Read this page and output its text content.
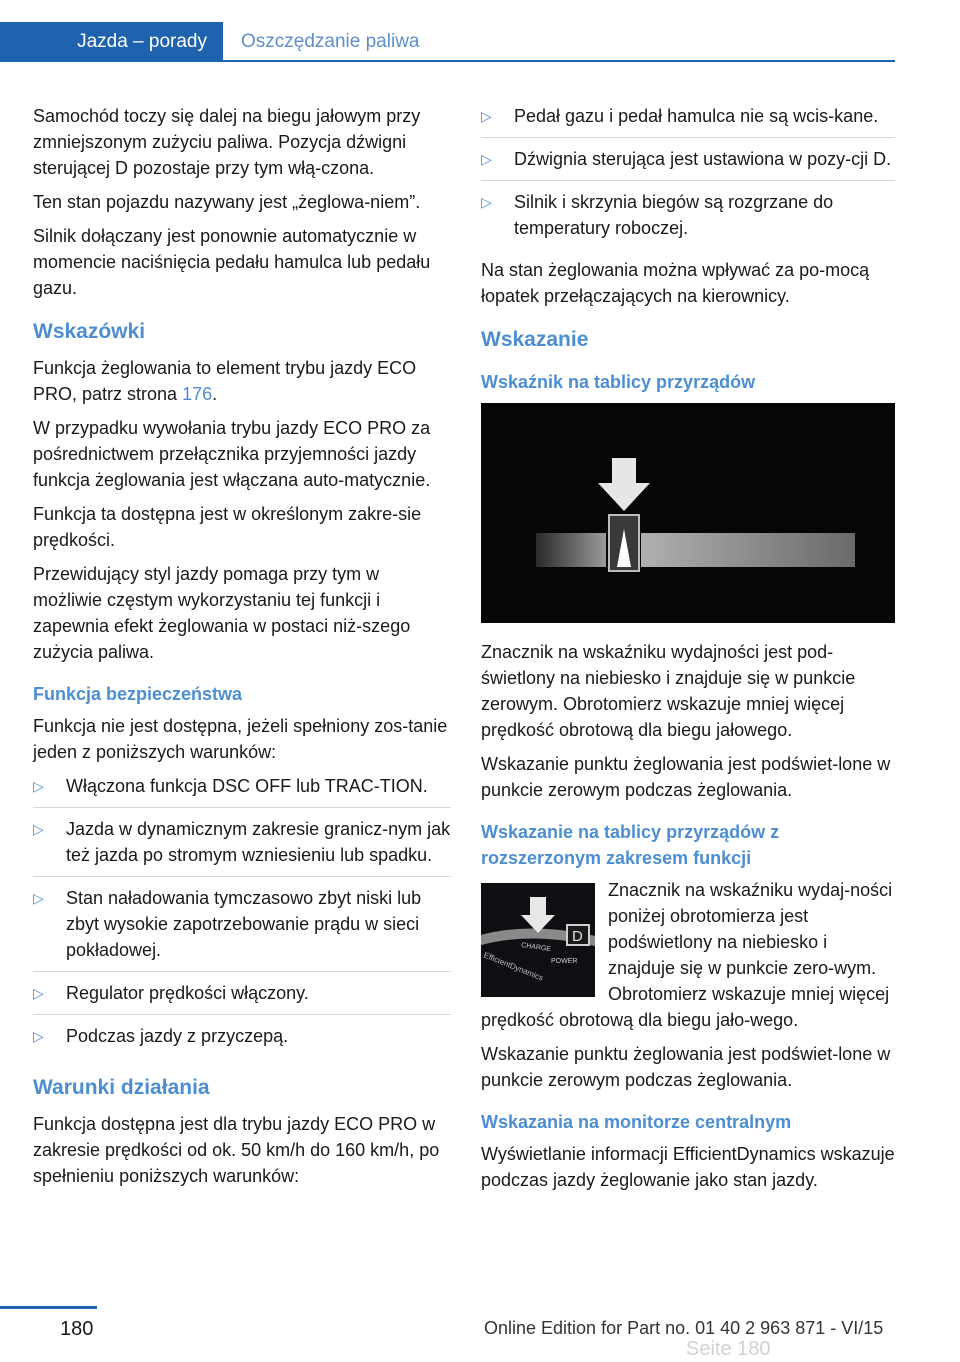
Jazda – porady	Oszczędzanie paliwa

Samochód toczy się dalej na biegu jałowym przy zmniejszonym zużyciu paliwa. Pozycja dźwigni sterującej D pozostaje przy tym włą‐czona.

Ten stan pojazdu nazywany jest „żeglowa‐niem”.

Silnik dołączany jest ponownie automatycznie w momencie naciśnięcia pedału hamulca lub pedału gazu.

Wskazówki

Funkcja żeglowania to element trybu jazdy ECO PRO, patrz strona 176.

W przypadku wywołania trybu jazdy ECO PRO za pośrednictwem przełącznika przyjemności jazdy funkcja żeglowania jest włączana auto‐matycznie.

Funkcja ta dostępna jest w określonym zakre‐sie prędkości.

Przewidujący styl jazdy pomaga przy tym w możliwie częstym wykorzystaniu tej funkcji i zapewnia efekt żeglowania w postaci niż‐szego zużycia paliwa.

Funkcja bezpieczeństwa

Funkcja nie jest dostępna, jeżeli spełniony zos‐tanie jeden z poniższych warunków:

▷	Włączona funkcja DSC OFF lub TRAC‐TION.
▷	Jazda w dynamicznym zakresie granicz‐nym jak też jazda po stromym wzniesieniu lub spadku.
▷	Stan naładowania tymczasowo zbyt niski lub zbyt wysokie zapotrzebowanie prądu w sieci pokładowej.
▷	Regulator prędkości włączony.
▷	Podczas jazdy z przyczepą.
Warunki działania

Funkcja dostępna jest dla trybu jazdy ECO PRO w zakresie prędkości od ok. 50 km/h do 160 km/h, po spełnieniu poniższych warunków:

▷	Pedał gazu i pedał hamulca nie są wcis‐kane.
▷	Dźwignia sterująca jest ustawiona w pozy‐cji D.
▷	Silnik i skrzynia biegów są rozgrzane do temperatury roboczej.

Na stan żeglowania można wpływać za po‐mocą łopatek przełączających na kierownicy.

Wskazanie
Wskaźnik na tablicy przyrządów

Znacznik na wskaźniku wydajności jest pod‐świetlony na niebiesko i znajduje się w punkcie zerowym. Obrotomierz wskazuje mniej więcej prędkość obrotową dla biegu jałowego.

Wskazanie punktu żeglowania jest podświet‐lone w punkcie zerowym podczas żeglowania.

Wskazanie na tablicy przyrządów z rozszerzonym zakresem funkcji
D
CHARGE
POWER
EfficientDynamics

Znacznik na wskaźniku wydaj‐ności poniżej obrotomierza jest podświetlony na niebiesko i znajduje się w punkcie zero‐wym. Obrotomierz wskazuje mniej więcej prędkość obrotową dla biegu jało‐wego.

Wskazanie punktu żeglowania jest podświet‐lone w punkcie zerowym podczas żeglowania.

Wskazania na monitorze centralnym

Wyświetlanie informacji EfficientDynamics wskazuje podczas jazdy żeglowanie jako stan jazdy.

180	Online Edition for Part no. 01 40 2 963 871 - VI/15
Seite 180
